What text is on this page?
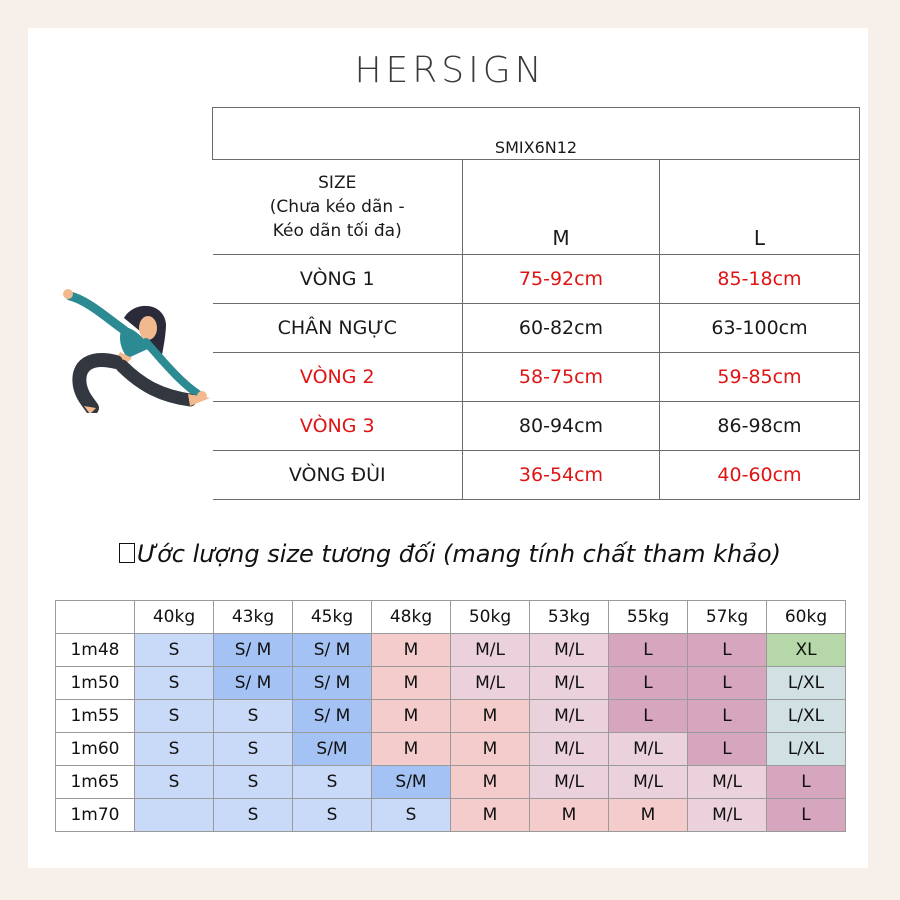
HERSIGN
SMIX6N12		

SIZE
(Chưa kéo dãn -
Kéo dãn tối đa)	M	L
VÒNG 1	75-92cm	85-18cm
CHÂN NGỰC	60-82cm	63-100cm
VÒNG 2	58-75cm	59-85cm
VÒNG 3	80-94cm	86-98cm
VÒNG ĐÙI	36-54cm	40-60cm
Ước lượng size tương đối (mang tính chất tham khảo)
	40kg	43kg	45kg	48kg	50kg	53kg	55kg	57kg	60kg
1m48	S	S/ M	S/ M	M	M/L	M/L	L	L	XL
1m50	S	S/ M	S/ M	M	M/L	M/L	L	L	L/XL
1m55	S	S	S/ M	M	M	M/L	L	L	L/XL
1m60	S	S	S/M	M	M	M/L	M/L	L	L/XL
1m65	S	S	S	S/M	M	M/L	M/L	M/L	L
1m70		S	S	S	M	M	M	M/L	L
